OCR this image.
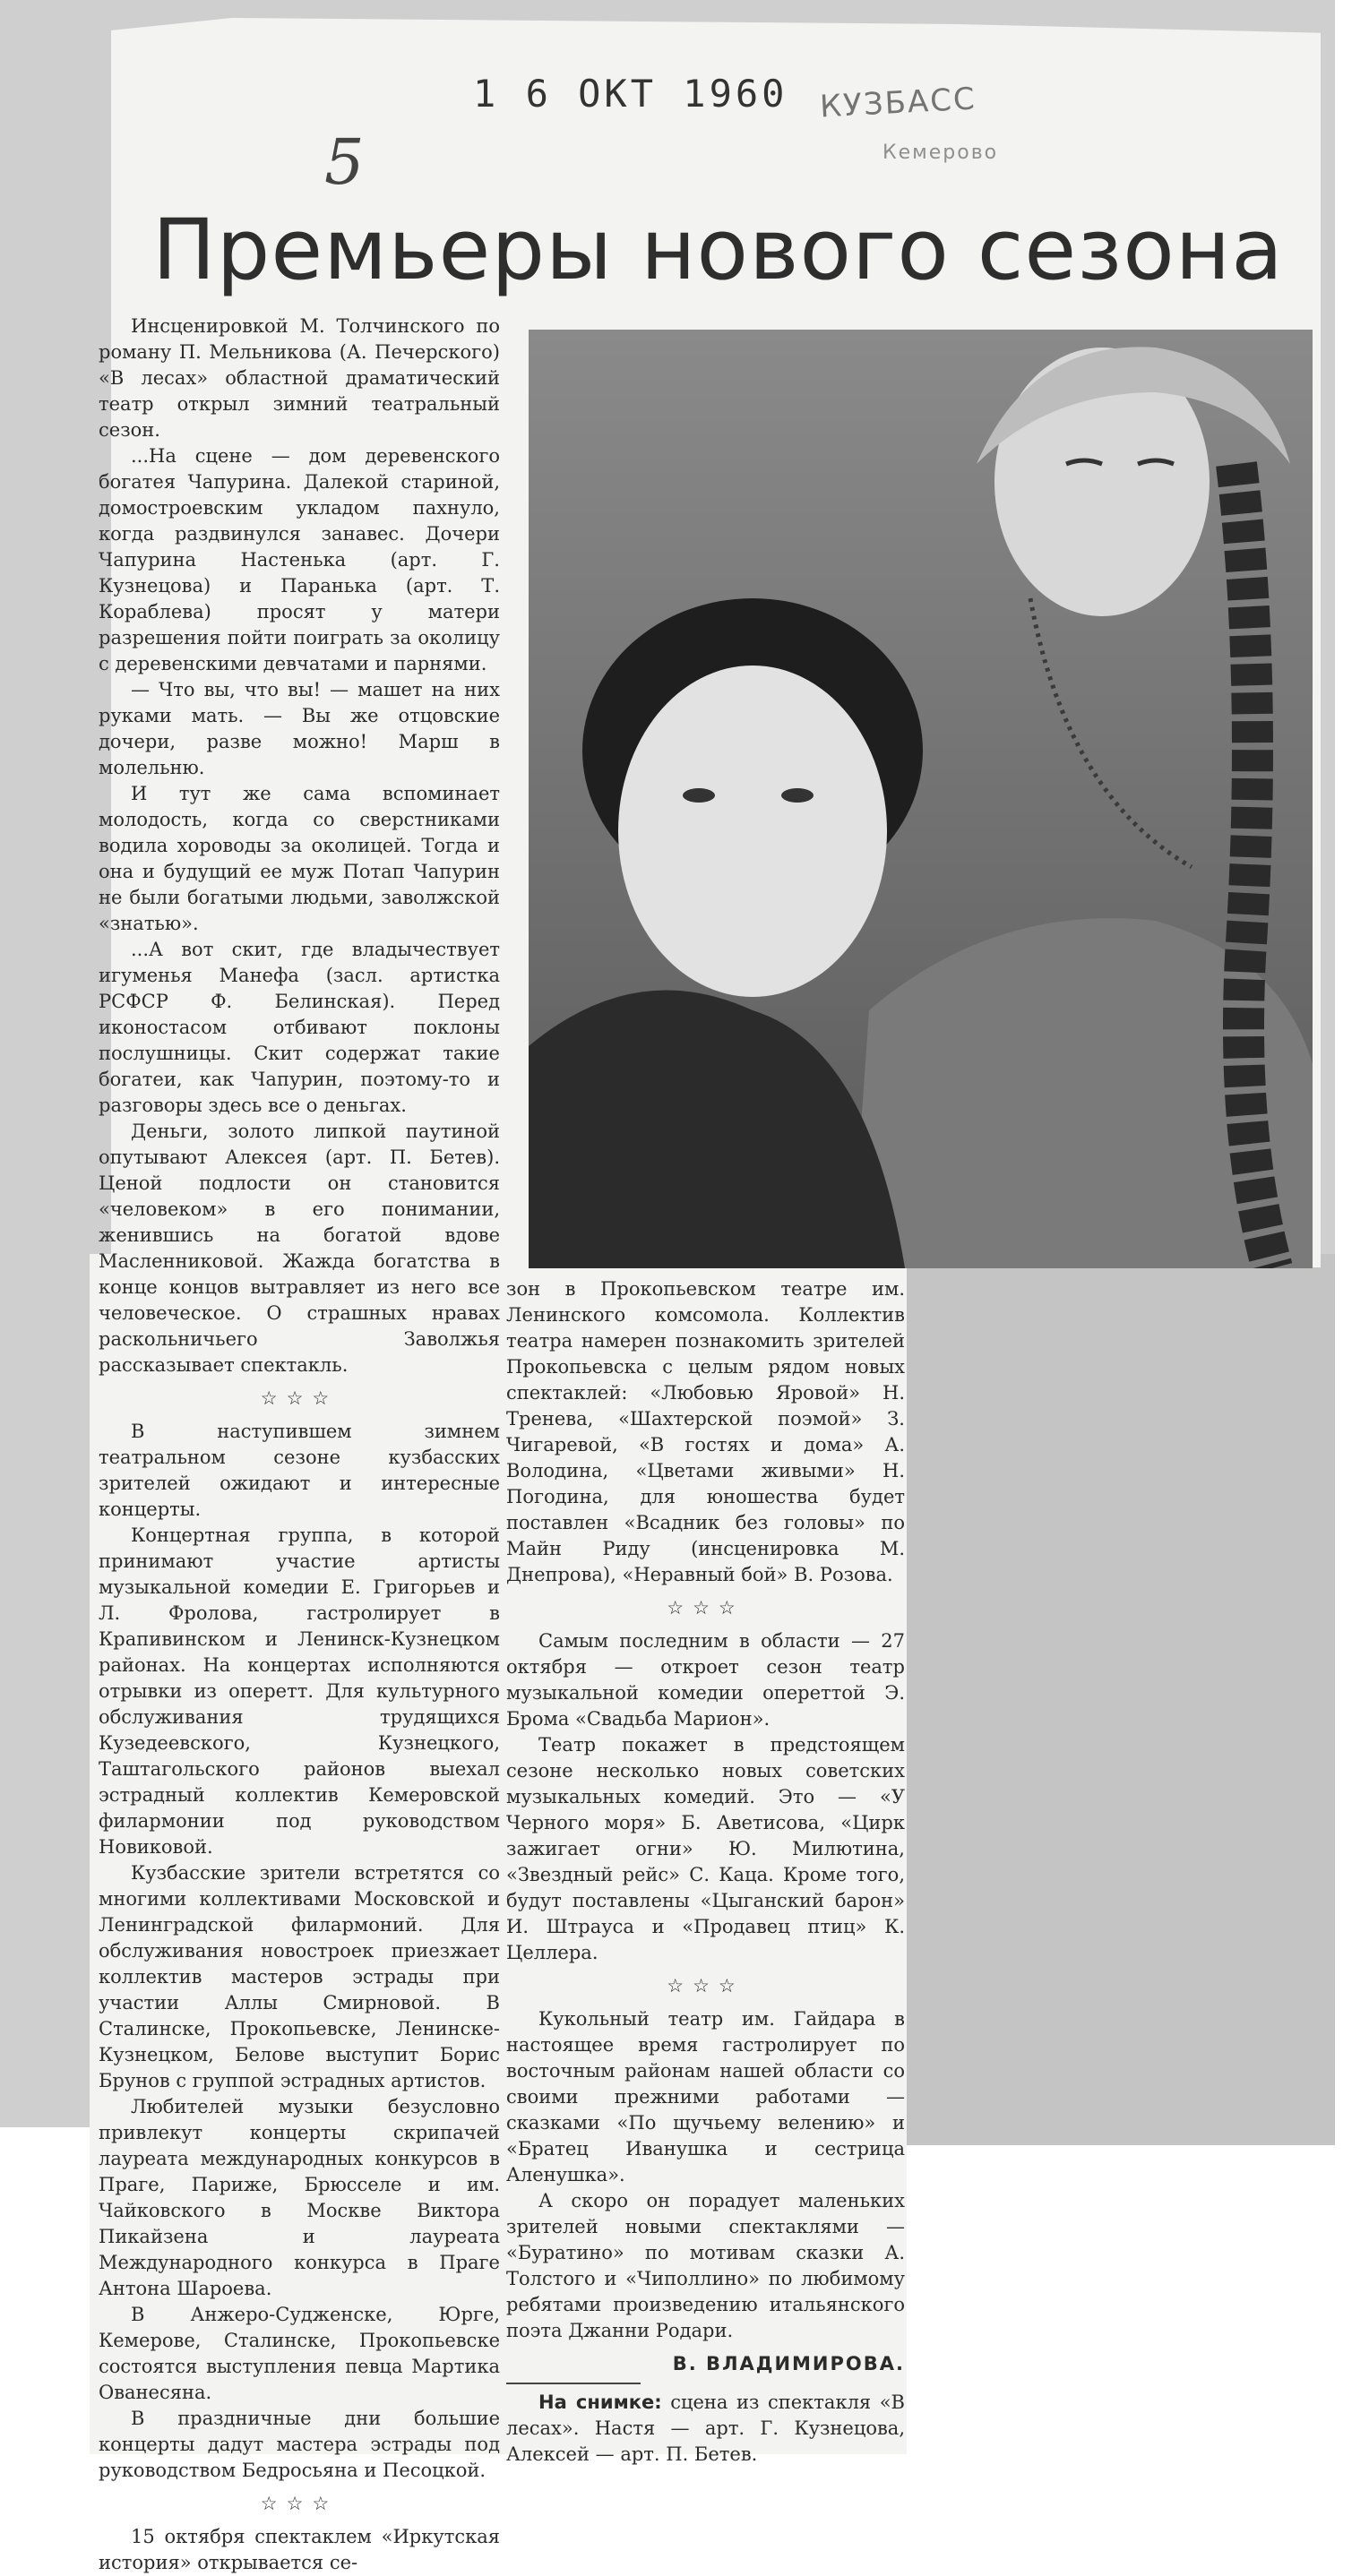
1 6 ОКТ 1960 КУЗБАСС
Кемерово
5
Премьеры нового сезона

Инсценировкой М. Толчинского по роману П. Мельникова (А. Печерского) «В лесах» областной драматический театр открыл зимний театральный сезон.

...На сцене — дом деревенского богатея Чапурина. Далекой стариной, домостроевским укладом пахнуло, когда раздвинулся занавес. Дочери Чапурина Настенька (арт. Г. Кузнецова) и Паранька (арт. Т. Кораблева) просят у матери разрешения пойти поиграть за околицу с деревенскими девчатами и парнями.

— Что вы, что вы! — машет на них руками мать. — Вы же отцовские дочери, разве можно! Марш в молельню.

И тут же сама вспоминает молодость, когда со сверстниками водила хороводы за околицей. Тогда и она и будущий ее муж Потап Чапурин не были богатыми людьми, заволжской «знатью».

...А вот скит, где владычествует игуменья Манефа (засл. артистка РСФСР Ф. Белинская). Перед иконостасом отбивают поклоны послушницы. Скит содержат такие богатеи, как Чапурин, поэтому-то и разговоры здесь все о деньгах.

Деньги, золото липкой паутиной опутывают Алексея (арт. П. Бетев). Ценой подлости он становится «человеком» в его понимании, женившись на богатой вдове Масленниковой. Жажда богатства в конце концов вытравляет из него все человеческое. О страшных нравах раскольничьего Заволжья рассказывает спектакль.

☆☆☆

В наступившем зимнем театральном сезоне кузбасских зрителей ожидают и интересные концерты.

Концертная группа, в которой принимают участие артисты музыкальной комедии Е. Григорьев и Л. Фролова, гастролирует в Крапивинском и Ленинск-Кузнецком районах. На концертах исполняются отрывки из оперетт. Для культурного обслуживания трудящихся Кузедеевского, Кузнецкого, Таштагольского районов выехал эстрадный коллектив Кемеровской филармонии под руководством Новиковой.

Кузбасские зрители встретятся со многими коллективами Московской и Ленинградской филармоний. Для обслуживания новостроек приезжает коллектив мастеров эстрады при участии Аллы Смирновой. В Сталинске, Прокопьевске, Ленинске-Кузнецком, Белове выступит Борис Брунов с группой эстрадных артистов.

Любителей музыки безусловно привлекут концерты скрипачей лауреата международных конкурсов в Праге, Париже, Брюсселе и им. Чайковского в Москве Виктора Пикайзена и лауреата Международного конкурса в Праге Антона Шароева.

В Анжеро-Судженске, Юрге, Кемерове, Сталинске, Прокопьевске состоятся выступления певца Мартика Ованесяна.

В праздничные дни большие концерты дадут мастера эстрады под руководством Бедросьяна и Песоцкой.

☆☆☆

15 октября спектаклем «Иркутская история» открывается се-

зон в Прокопьевском театре им. Ленинского комсомола. Коллектив театра намерен познакомить зрителей Прокопьевска с целым рядом новых спектаклей: «Любовью Яровой» Н. Тренева, «Шахтерской поэмой» З. Чигаревой, «В гостях и дома» А. Володина, «Цветами живыми» Н. Погодина, для юношества будет поставлен «Всадник без головы» по Майн Риду (инсценировка М. Днепрова), «Неравный бой» В. Розова.

☆☆☆

Самым последним в области — 27 октября — откроет сезон театр музыкальной комедии опереттой Э. Брома «Свадьба Марион».

Театр покажет в предстоящем сезоне несколько новых советских музыкальных комедий. Это — «У Черного моря» Б. Аветисова, «Цирк зажигает огни» Ю. Милютина, «Звездный рейс» С. Каца. Кроме того, будут поставлены «Цыганский барон» И. Штрауса и «Продавец птиц» К. Целлера.

☆☆☆

Кукольный театр им. Гайдара в настоящее время гастролирует по восточным районам нашей области со своими прежними работами — сказками «По щучьему велению» и «Братец Иванушка и сестрица Аленушка».

А скоро он порадует маленьких зрителей новыми спектаклями — «Буратино» по мотивам сказки А. Толстого и «Чиполлино» по любимому ребятами произведению итальянского поэта Джанни Родари.

В. ВЛАДИМИРОВА.

На снимке: сцена из спектакля «В лесах». Настя — арт. Г. Кузнецова, Алексей — арт. П. Бетев.
